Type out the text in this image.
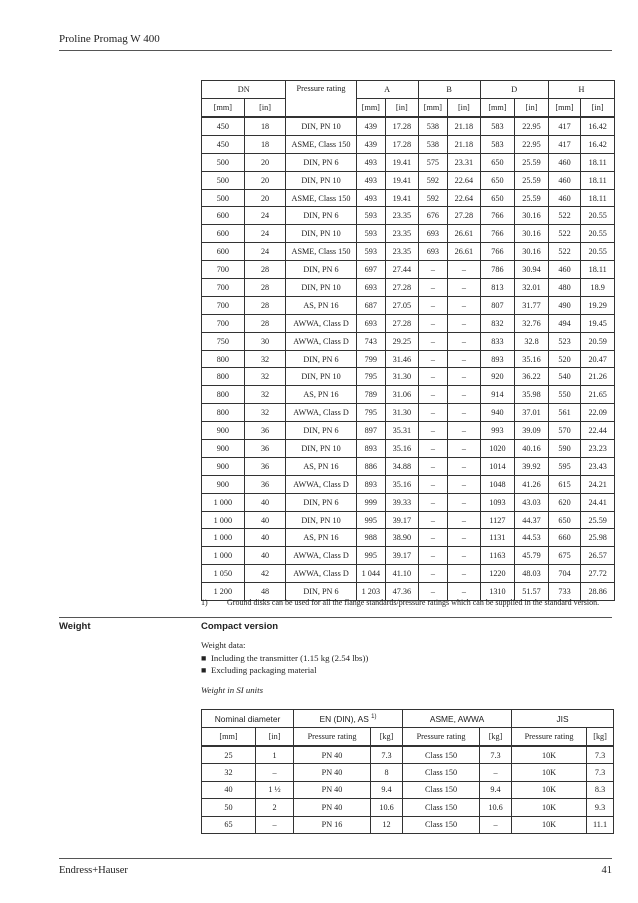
Proline Promag W 400
DN		Pressure rating	A		B		D		H	
[mm]	[in]		[mm]	[in]	[mm]	[in]	[mm]	[in]	[mm]	[in]
450	18	DIN, PN 10	439	17.28	538	21.18	583	22.95	417	16.42
450	18	ASME, Class 150	439	17.28	538	21.18	583	22.95	417	16.42
500	20	DIN, PN 6	493	19.41	575	23.31	650	25.59	460	18.11
500	20	DIN, PN 10	493	19.41	592	22.64	650	25.59	460	18.11
500	20	ASME, Class 150	493	19.41	592	22.64	650	25.59	460	18.11
600	24	DIN, PN 6	593	23.35	676	27.28	766	30.16	522	20.55
600	24	DIN, PN 10	593	23.35	693	26.61	766	30.16	522	20.55
600	24	ASME, Class 150	593	23.35	693	26.61	766	30.16	522	20.55
700	28	DIN, PN 6	697	27.44	–	–	786	30.94	460	18.11
700	28	DIN, PN 10	693	27.28	–	–	813	32.01	480	18.9
700	28	AS, PN 16	687	27.05	–	–	807	31.77	490	19.29
700	28	AWWA, Class D	693	27.28	–	–	832	32.76	494	19.45
750	30	AWWA, Class D	743	29.25	–	–	833	32.8	523	20.59
800	32	DIN, PN 6	799	31.46	–	–	893	35.16	520	20.47
800	32	DIN, PN 10	795	31.30	–	–	920	36.22	540	21.26
800	32	AS, PN 16	789	31.06	–	–	914	35.98	550	21.65
800	32	AWWA, Class D	795	31.30	–	–	940	37.01	561	22.09
900	36	DIN, PN 6	897	35.31	–	–	993	39.09	570	22.44
900	36	DIN, PN 10	893	35.16	–	–	1020	40.16	590	23.23
900	36	AS, PN 16	886	34.88	–	–	1014	39.92	595	23.43
900	36	AWWA, Class D	893	35.16	–	–	1048	41.26	615	24.21
1 000	40	DIN, PN 6	999	39.33	–	–	1093	43.03	620	24.41
1 000	40	DIN, PN 10	995	39.17	–	–	1127	44.37	650	25.59
1 000	40	AS, PN 16	988	38.90	–	–	1131	44.53	660	25.98
1 000	40	AWWA, Class D	995	39.17	–	–	1163	45.79	675	26.57
1 050	42	AWWA, Class D	1 044	41.10	–	–	1220	48.03	704	27.72
1 200	48	DIN, PN 6	1 203	47.36	–	–	1310	51.57	733	28.86
1) Ground disks can be used for all the flange standards/pressure ratings which can be supplied in the standard version.
Weight	Compact version
Weight data:
■ Including the transmitter (1.15 kg (2.54 lbs))
■ Excluding packaging material
Weight in SI units
Nominal diameter		EN (DIN), AS $^{1)}$		ASME, AWWA		JIS	
[mm]	[in]	Pressure rating	[kg]	Pressure rating	[kg]	Pressure rating	[kg]
25	1	PN 40	7.3	Class 150	7.3	10K	7.3
32	–	PN 40	8	Class 150	–	10K	7.3
40	1 ½	PN 40	9.4	Class 150	9.4	10K	8.3
50	2	PN 40	10.6	Class 150	10.6	10K	9.3
65	–	PN 16	12	Class 150	–	10K	11.1
Endress+Hauser	41
